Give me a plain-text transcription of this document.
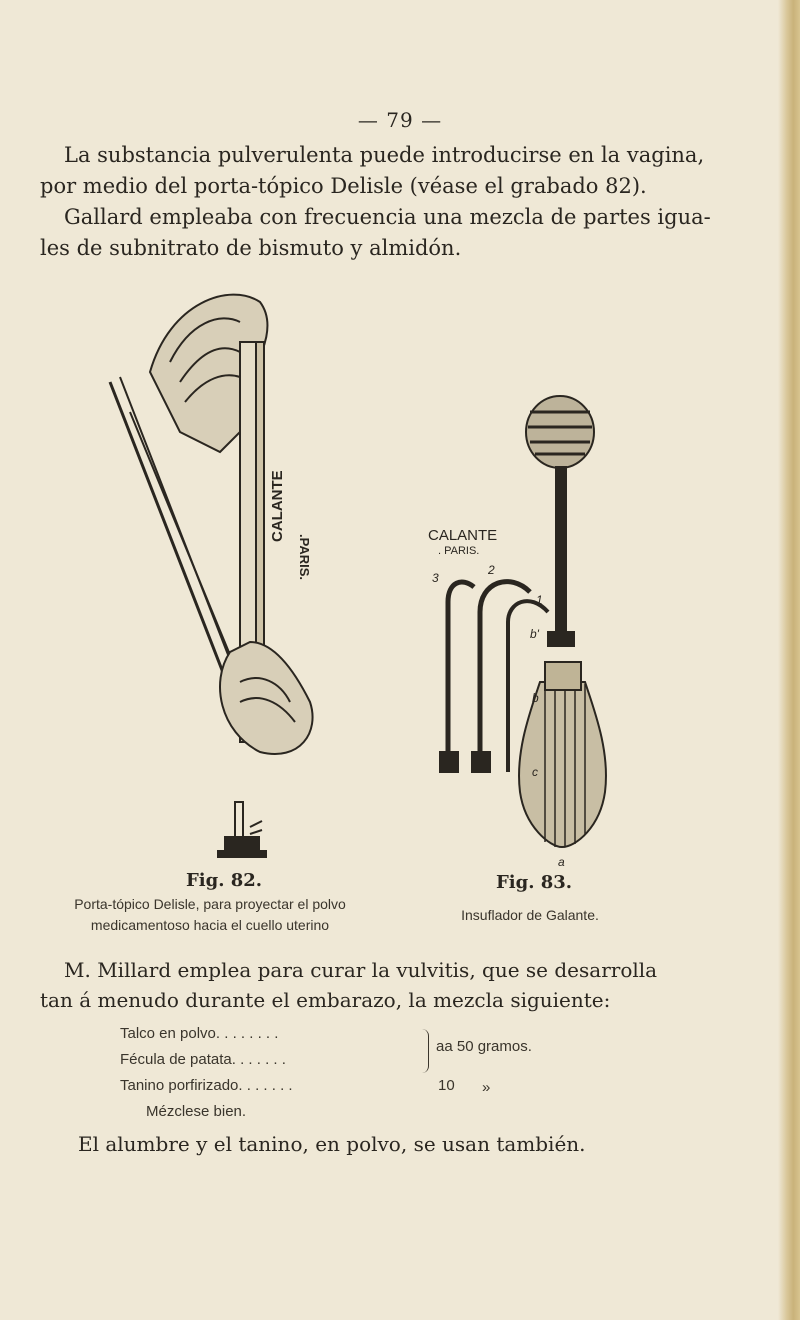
— 79 —
La substancia pulverulenta puede introducirse en la vagina,
por medio del porta-tópico Delisle (véase el grabado 82).
Gallard empleaba con frecuencia una mezcla de partes igua-
les de subnitrato de bismuto y almidón.
CALANTE
.PARIS.	CALANTE
. PARIS.
3
2
1
b'
b
c
a
Fig. 82.	Fig. 83.
Porta-tópico Delisle, para proyectar el polvo
medicamentoso hacia el cuello uterino
Insuflador de Galante.
M. Millard emplea para curar la vulvitis, que se desarrolla
tan á menudo durante el embarazo, la mezcla siguiente:
Talco en polvo. . . . . . . .
Fécula de patata. . . . . . .
aa 50 gramos.
Tanino porfirizado. . . . . . .	10 »
Mézclese bien.
El alumbre y el tanino, en polvo, se usan también.
